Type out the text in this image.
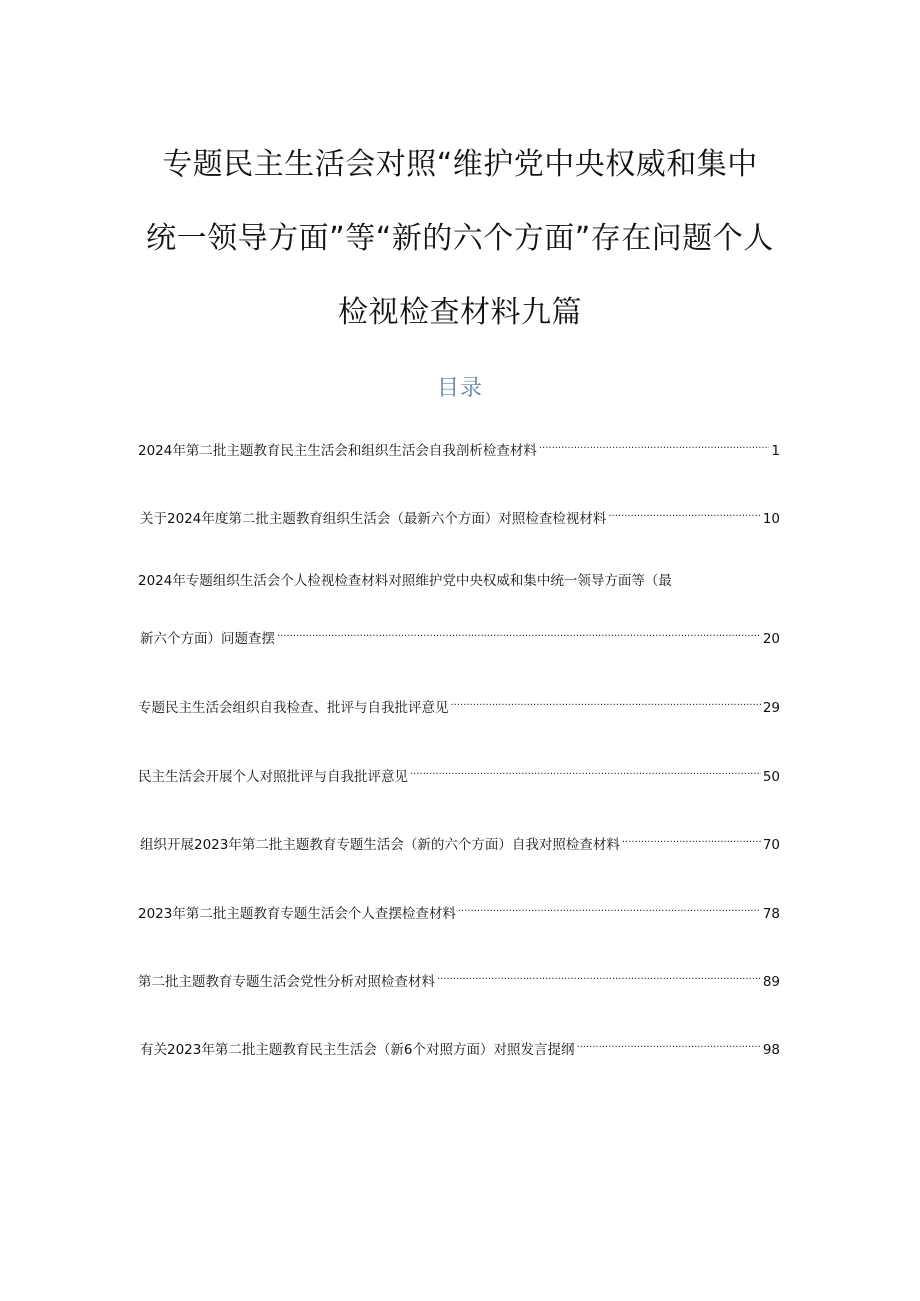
专题民主生活会对照“维护党中央权威和集中
统一领导方面”等“新的六个方面”存在问题个人
检视检查材料九篇
目录
2024年第二批主题教育民主生活会和组织生活会自我剖析检查材料 .....	1
关于2024年度第二批主题教育组织生活会（最新六个方面）对照检查检视材料 .....	10
2024年专题组织生活会个人检视检查材料对照维护党中央权威和集中统一领导方面等（最
新六个方面）问题查摆 .....	20
专题民主生活会组织自我检查、批评与自我批评意见 .....	29
民主生活会开展个人对照批评与自我批评意见 .....	50
组织开展2023年第二批主题教育专题生活会（新的六个方面）自我对照检查材料 .....	70
2023年第二批主题教育专题生活会个人查摆检查材料 .....	78
第二批主题教育专题生活会党性分析对照检查材料 .....	89
有关2023年第二批主题教育民主生活会（新6个对照方面）对照发言提纲 .....	98
